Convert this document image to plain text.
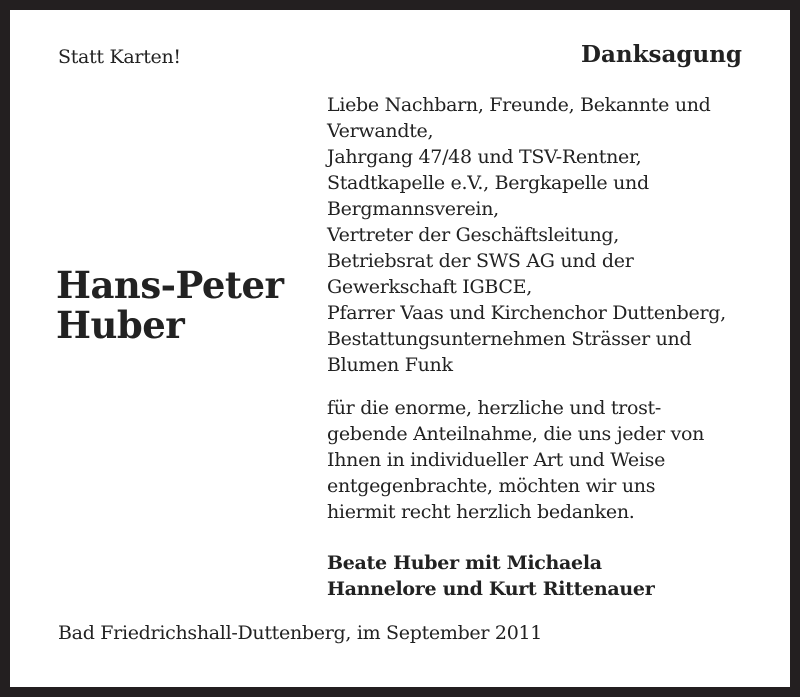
Statt Karten!	Danksagung
Hans-Peter
Huber
Liebe Nachbarn, Freunde, Bekannte und
Verwandte,
Jahrgang 47/48 und TSV-Rentner,
Stadtkapelle e.V., Bergkapelle und
Bergmannsverein,
Vertreter der Geschäftsleitung,
Betriebsrat der SWS AG und der
Gewerkschaft IGBCE,
Pfarrer Vaas und Kirchenchor Duttenberg,
Bestattungsunternehmen Strässer und
Blumen Funk
für die enorme, herzliche und trost-
gebende Anteilnahme, die uns jeder von
Ihnen in individueller Art und Weise
entgegenbrachte, möchten wir uns
hiermit recht herzlich bedanken.
Beate Huber mit Michaela
Hannelore und Kurt Rittenauer
Bad Friedrichshall-Duttenberg, im September 2011
